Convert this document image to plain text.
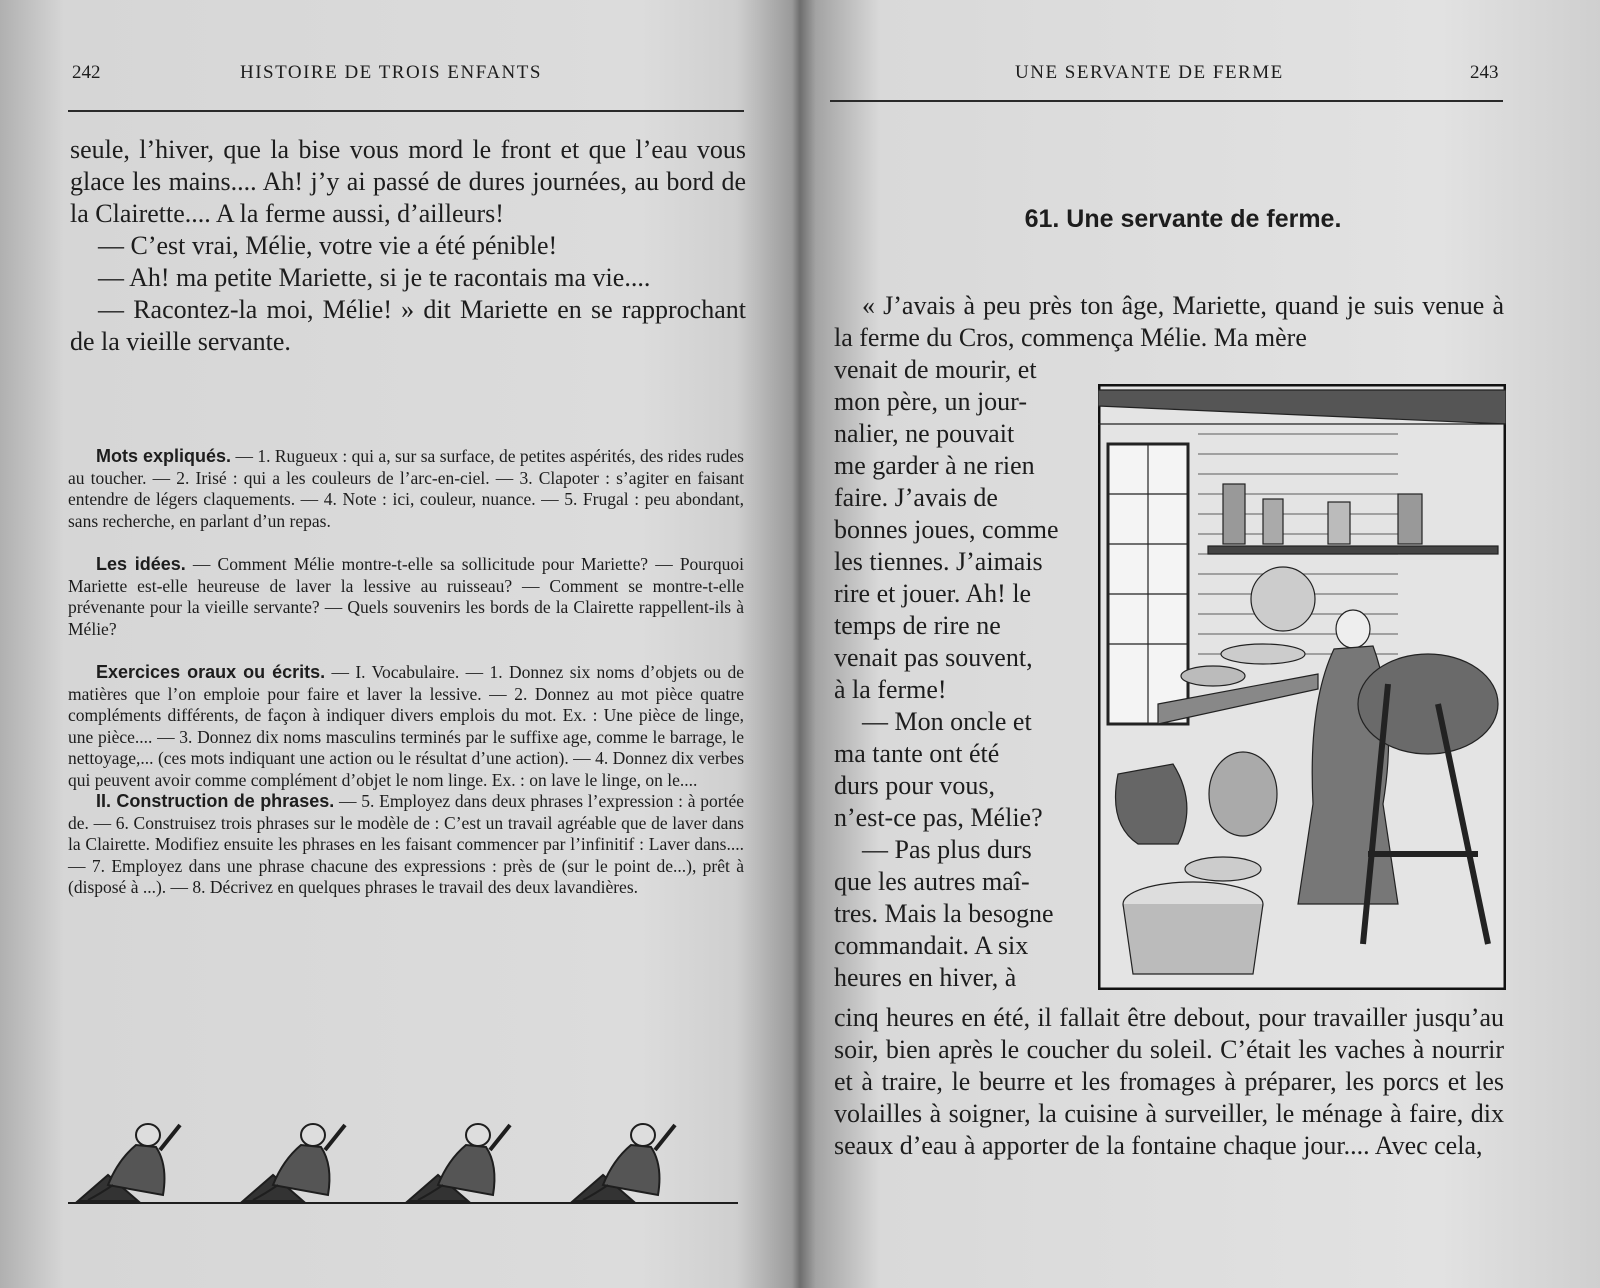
242	HISTOIRE DE TROIS ENFANTS

seule, l’hiver, que la bise vous mord le front et que l’eau vous glace les mains.... Ah! j’y ai passé de dures journées, au bord de la Clairette.... A la ferme aussi, d’ailleurs!

— C’est vrai, Mélie, votre vie a été pénible!

— Ah! ma petite Mariette, si je te racontais ma vie....

— Racontez-la moi, Mélie! » dit Mariette en se rapprochant de la vieille servante.

Mots expliqués. — 1. Rugueux : qui a, sur sa surface, de petites aspérités, des rides rudes au toucher. — 2. Irisé : qui a les couleurs de l’arc-en-ciel. — 3. Clapoter : s’agiter en faisant entendre de légers claquements. — 4. Note : ici, couleur, nuance. — 5. Frugal : peu abondant, sans recherche, en parlant d’un repas.

Les idées. — Comment Mélie montre-t-elle sa sollicitude pour Mariette? — Pourquoi Mariette est-elle heureuse de laver la lessive au ruisseau? — Comment se montre-t-elle prévenante pour la vieille servante? — Quels souvenirs les bords de la Clairette rappellent-ils à Mélie?

Exercices oraux ou écrits. — I. Vocabulaire. — 1. Donnez six noms d’objets ou de matières que l’on emploie pour faire et laver la lessive. — 2. Donnez au mot pièce quatre compléments différents, de façon à indiquer divers emplois du mot. Ex. : Une pièce de linge, une pièce.... — 3. Donnez dix noms masculins terminés par le suffixe age, comme le barrage, le nettoyage,... (ces mots indiquant une action ou le résultat d’une action). — 4. Donnez dix verbes qui peuvent avoir comme complément d’objet le nom linge. Ex. : on lave le linge, on le....

II. Construction de phrases. — 5. Employez dans deux phrases l’expression : à portée de. — 6. Construisez trois phrases sur le modèle de : C’est un travail agréable que de laver dans la Clairette. Modifiez ensuite les phrases en les faisant commencer par l’infinitif : Laver dans.... — 7. Employez dans une phrase chacune des expressions : près de (sur le point de...), prêt à (disposé à ...). — 8. Décrivez en quelques phrases le travail des deux lavandières.

UNE SERVANTE DE FERME	243
61. Une servante de ferme.

« J’avais à peu près ton âge, Mariette, quand je suis venue à la ferme du Cros, commença Mélie. Ma mère

venait de mourir, et
mon père, un jour-
nalier, ne pouvait
me garder à ne rien
faire. J’avais de
bonnes joues, comme
les tiennes. J’aimais
rire et jouer. Ah! le
temps de rire ne
venait pas souvent,
à la ferme!
— Mon oncle et
ma tante ont été
durs pour vous,
n’est-ce pas, Mélie?
— Pas plus durs
que les autres maî-
tres. Mais la besogne
commandait. A six
heures en hiver, à

cinq heures en été, il fallait être debout, pour travailler jusqu’au soir, bien après le coucher du soleil. C’était les vaches à nourrir et à traire, le beurre et les fromages à préparer, les porcs et les volailles à soigner, la cuisine à surveiller, le ménage à faire, dix seaux d’eau à apporter de la fontaine chaque jour.... Avec cela,
